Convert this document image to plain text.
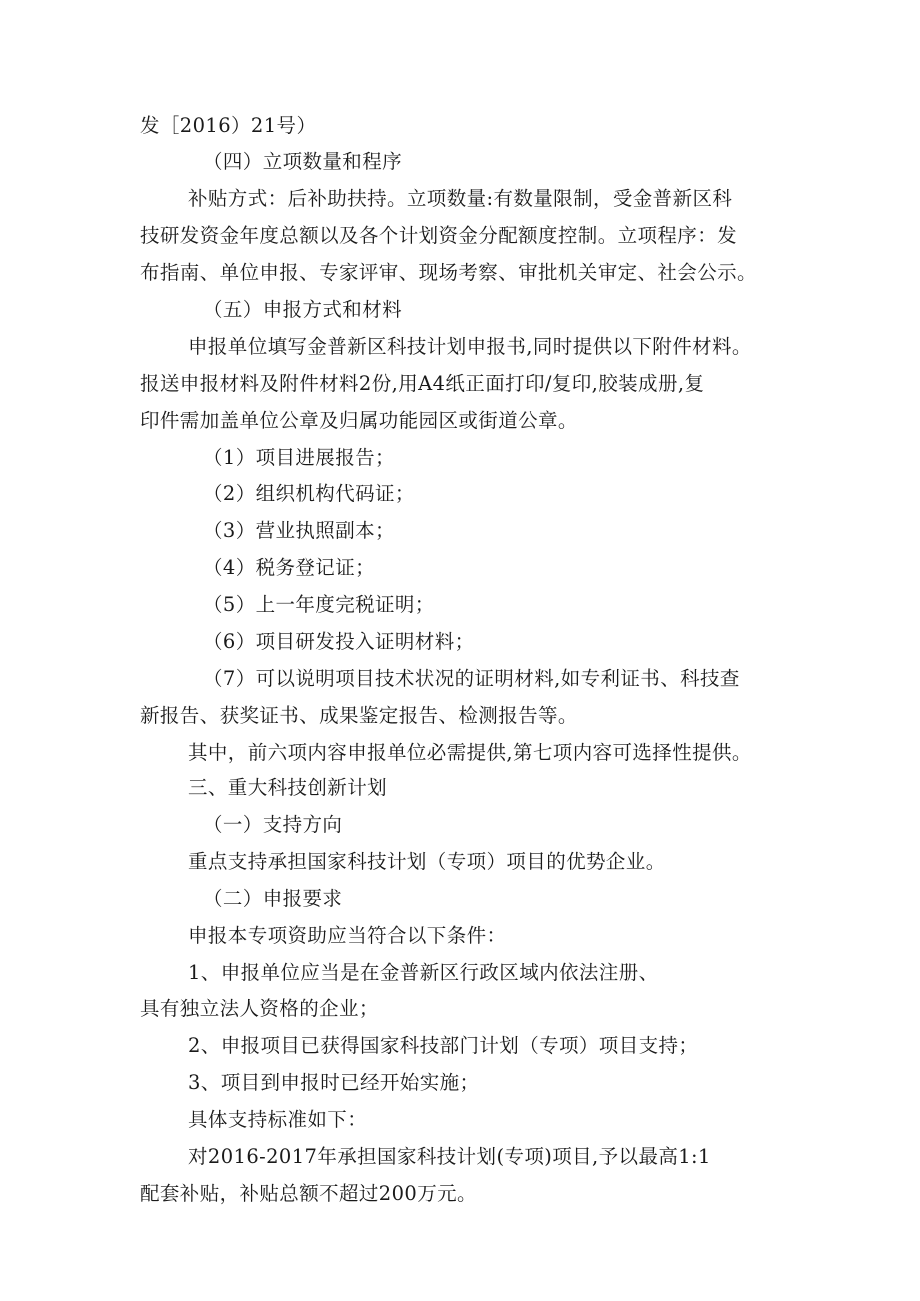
发［2016）21号）

（四）立项数量和程序

补贴方式：后补助扶持。立项数量:有数量限制，受金普新区科

技研发资金年度总额以及各个计划资金分配额度控制。立项程序：发

布指南、单位申报、专家评审、现场考察、审批机关审定、社会公示。

（五）申报方式和材料

申报单位填写金普新区科技计划申报书,同时提供以下附件材料。

报送申报材料及附件材料2份,用A4纸正面打印/复印,胶装成册,复

印件需加盖单位公章及归属功能园区或街道公章。

（1）项目进展报告；

（2）组织机构代码证；

（3）营业执照副本；

（4）税务登记证；

（5）上一年度完税证明；

（6）项目研发投入证明材料；

（7）可以说明项目技术状况的证明材料,如专利证书、科技查

新报告、获奖证书、成果鉴定报告、检测报告等。

其中，前六项内容申报单位必需提供,第七项内容可选择性提供。

三、重大科技创新计划

（一）支持方向

重点支持承担国家科技计划（专项）项目的优势企业。

（二）申报要求

申报本专项资助应当符合以下条件：

1、申报单位应当是在金普新区行政区域内依法注册、

具有独立法人资格的企业；

2、申报项目已获得国家科技部门计划（专项）项目支持；

3、项目到申报时已经开始实施；

具体支持标准如下：

对2016-2017年承担国家科技计划(专项)项目,予以最高1:1

配套补贴，补贴总额不超过200万元。
